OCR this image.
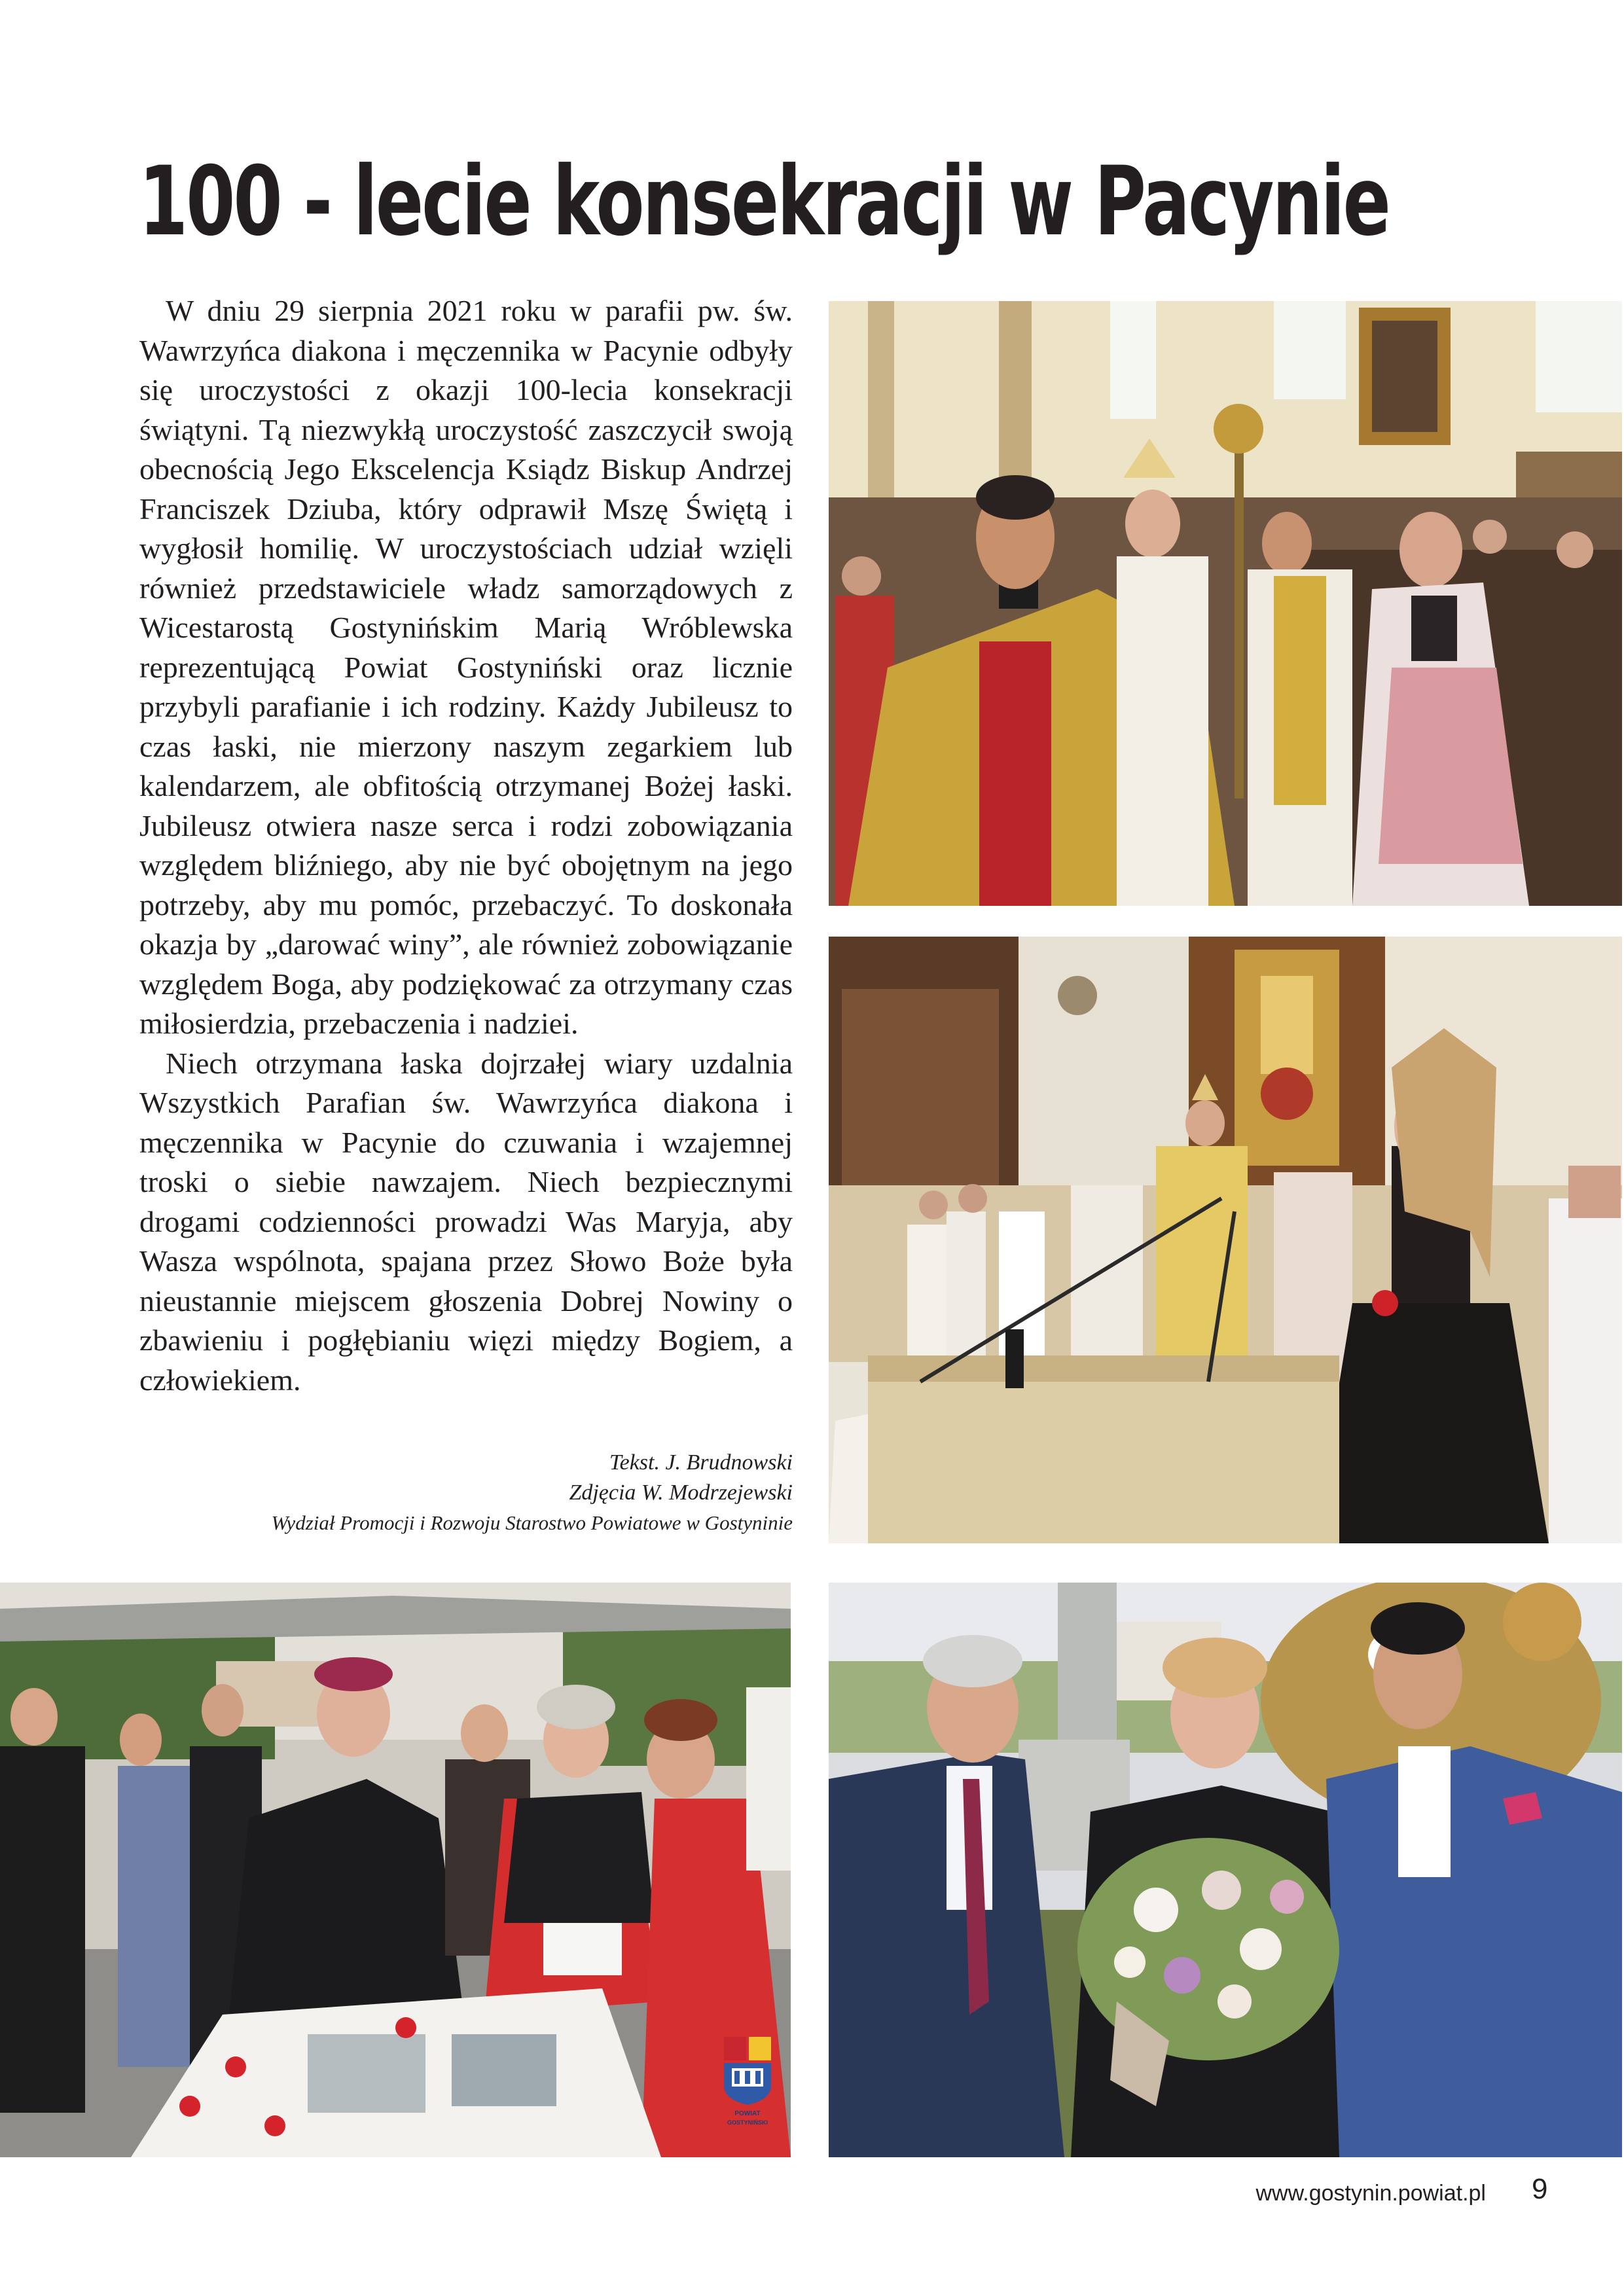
100 - lecie konsekracji w Pacynie

W dniu 29 sierpnia 2021 roku w parafii pw. św. Wawrzyńca diakona i męczennika w Pacynie odbyły się uroczystości z okazji 100-lecia konsekracji świątyni. Tą niezwykłą uroczystość zaszczycił swoją obecnością Jego Ekscelencja Ksiądz Biskup Andrzej Franciszek Dziuba, który odprawił Mszę Świętą i wygłosił homilię. W uroczystościach udział wzięli również przedstawiciele władz samorządowych z Wicestarostą Gostynińskim Marią Wróblewska reprezentującą Powiat Gostyniński oraz licznie przybyli parafianie i ich rodziny. Każdy Jubileusz to czas łaski, nie mierzony naszym zegarkiem lub kalendarzem, ale obfitością otrzymanej Bożej łaski. Jubileusz otwiera nasze serca i rodzi zobowiązania względem bliźniego, aby nie być obojętnym na jego potrzeby, aby mu pomóc, przebaczyć. To doskonała okazja by „darować winy”, ale również zobowiązanie względem Boga, aby podziękować za otrzymany czas miłosierdzia, przebaczenia i nadziei.

Niech otrzymana łaska dojrzałej wiary uzdalnia Wszystkich Parafian św. Wawrzyńca diakona i męczennika w Pacynie do czuwania i wzajemnej troski o siebie nawzajem. Niech bezpiecznymi drogami codzienności prowadzi Was Maryja, aby Wasza wspólnota, spajana przez Słowo Boże była nieustannie miejscem głoszenia Dobrej Nowiny o zbawieniu i pogłębianiu więzi między Bogiem, a człowiekiem.

Tekst. J. Brudnowski
Zdjęcia W. Modrzejewski
Wydział Promocji i Rozwoju Starostwo Powiatowe w Gostyninie
POWIAT
GOSTYNIŃSKI
www.gostynin.powiat.pl 9
